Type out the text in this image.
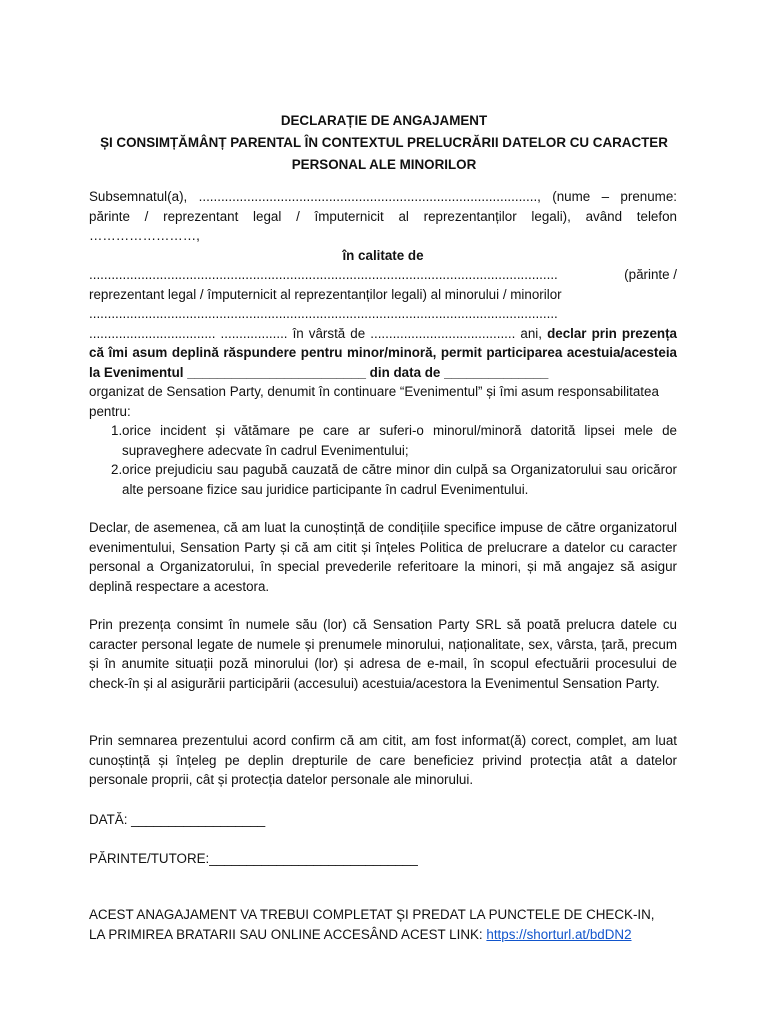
DECLARAȚIE DE ANGAJAMENT
ȘI CONSIMȚĂMÂNȚ PARENTAL ÎN CONTEXTUL PRELUCRĂRII DATELOR CU CARACTER
PERSONAL ALE MINORILOR

Subsemnatul(a), ..........................................................................................., (nume – prenume: părinte / reprezentant legal / împuternicit al reprezentanților legali), având telefon ……………………,

în calitate de

..............................................................................................................................	(părinte /

reprezentant legal / împuternicit al reprezentanților legali) al minorului / minorilor

..............................................................................................................................

.................................. .................. în vârstă de ....................................... ani, declar prin prezența că îmi asum deplină răspundere pentru minor/minoră, permit participarea acestuia/acesteia la Evenimentul ________________________ din data de ______________

organizat de Sensation Party, denumit în continuare “Evenimentul” și îmi asum responsabilitatea pentru:

1. orice incident și vătămare pe care ar suferi-o minorul/minoră datorită lipsei mele de supraveghere adecvate în cadrul Evenimentului;
2. orice prejudiciu sau pagubă cauzată de către minor din culpă sa Organizatorului sau oricăror alte persoane fizice sau juridice participante în cadrul Evenimentului.

Declar, de asemenea, că am luat la cunoștință de condițiile specifice impuse de către organizatorul evenimentului, Sensation Party și că am citit și înțeles Politica de prelucrare a datelor cu caracter personal a Organizatorului, în special prevederile referitoare la minori, și mă angajez să asigur deplină respectare a acestora.

Prin prezența consimt în numele său (lor) că Sensation Party SRL să poată prelucra datele cu caracter personal legate de numele și prenumele minorului, naționalitate, sex, vârsta, țară, precum și în anumite situații poză minorului (lor) și adresa de e-mail, în scopul efectuării procesului de check-în și al asigurării participării (accesului) acestuia/acestora la Evenimentul Sensation Party.

Prin semnarea prezentului acord confirm că am citit, am fost informat(ă) corect, complet, am luat cunoștință și înțeleg pe deplin drepturile de care beneficiez privind protecția atât a datelor personale proprii, cât și protecția datelor personale ale minorului.

DATĂ: __________________
PĂRINTE/TUTORE:____________________________
ACEST ANAGAJAMENT VA TREBUI COMPLETAT ȘI PREDAT LA PUNCTELE DE CHECK-IN,
LA PRIMIREA BRATARII SAU ONLINE ACCESÂND ACEST LINK: https://shorturl.at/bdDN2
